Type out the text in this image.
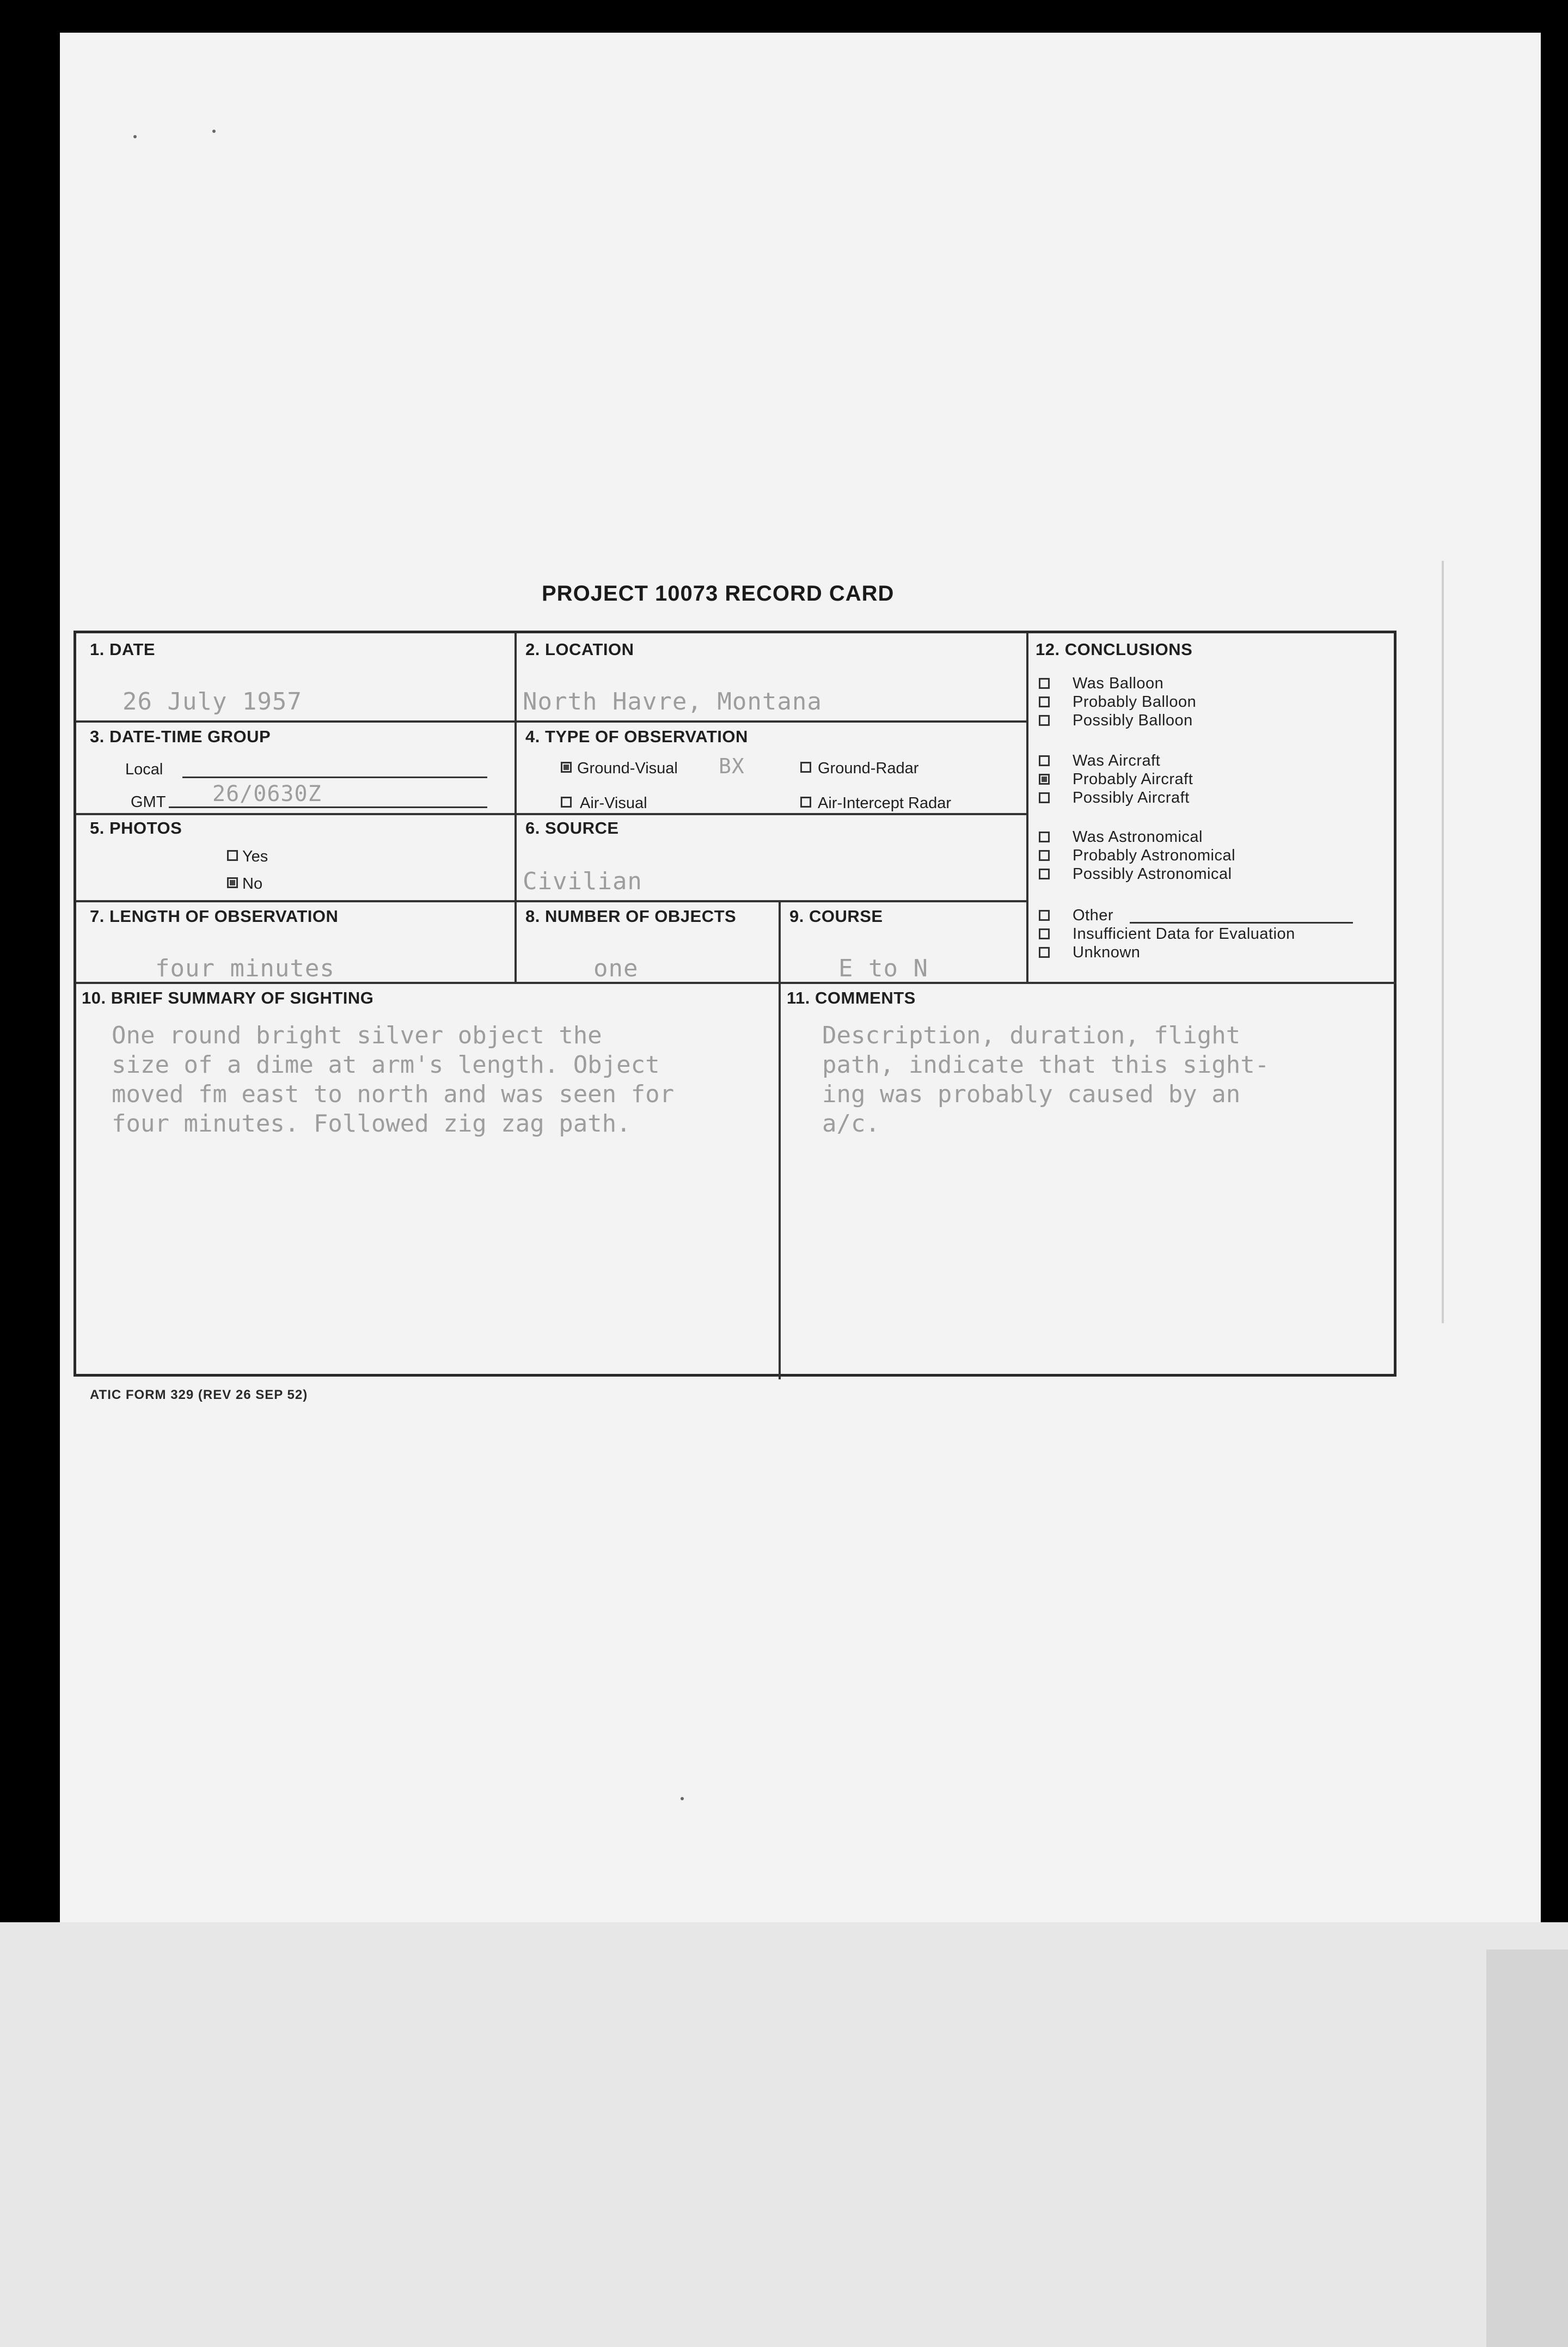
PROJECT 10073 RECORD CARD
1. DATE
26 July 1957
2. LOCATION
North Havre, Montana
3. DATE-TIME GROUP
Local
GMT 26/0630Z
4. TYPE OF OBSERVATION
Ground-Visual BX	Ground-Radar
Air-Visual	Air-Intercept Radar
5. PHOTOS
Yes
No
6. SOURCE
Civilian
7. LENGTH OF OBSERVATION
four minutes
8. NUMBER OF OBJECTS
one
9. COURSE
E to N
12. CONCLUSIONS
Was Balloon
Probably Balloon
Possibly Balloon
Was Aircraft
Probably Aircraft
Possibly Aircraft
Was Astronomical
Probably Astronomical
Possibly Astronomical
Other
Insufficient Data for Evaluation
Unknown
10. BRIEF SUMMARY OF SIGHTING
One round bright silver object the
size of a dime at arm's length. Object
moved fm east to north and was seen for
four minutes. Followed zig zag path.
11. COMMENTS
Description, duration, flight
path, indicate that this sight-
ing was probably caused by an
a/c.
ATIC FORM 329 (REV 26 SEP 52)
